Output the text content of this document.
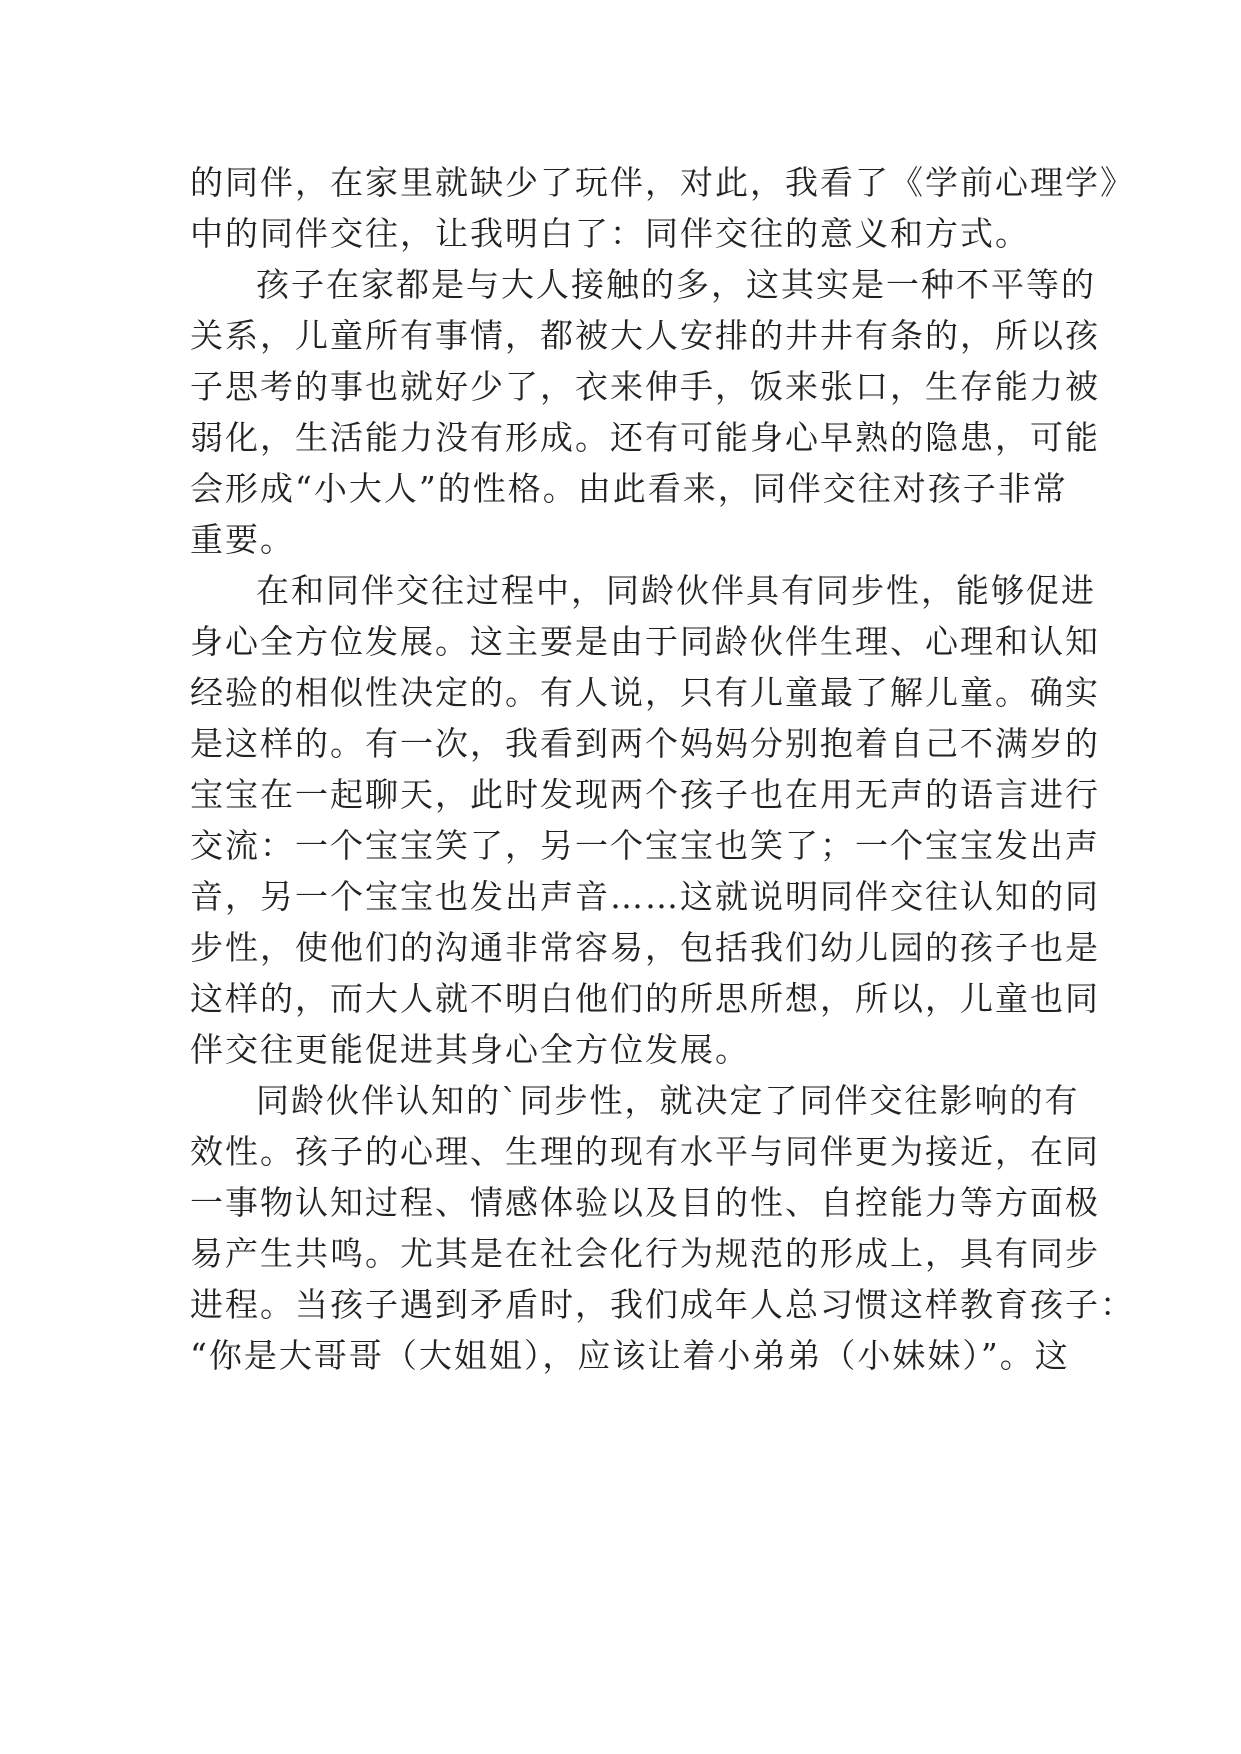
的同伴，在家里就缺少了玩伴，对此，我看了《学前心理学》
中的同伴交往，让我明白了：同伴交往的意义和方式。
孩子在家都是与大人接触的多，这其实是一种不平等的
关系，儿童所有事情，都被大人安排的井井有条的，所以孩
子思考的事也就好少了，衣来伸手，饭来张口，生存能力被
弱化，生活能力没有形成。还有可能身心早熟的隐患，可能
会形成“小大人”的性格。由此看来，同伴交往对孩子非常
重要。
在和同伴交往过程中，同龄伙伴具有同步性，能够促进
身心全方位发展。这主要是由于同龄伙伴生理、心理和认知
经验的相似性决定的。有人说，只有儿童最了解儿童。确实
是这样的。有一次，我看到两个妈妈分别抱着自己不满岁的
宝宝在一起聊天，此时发现两个孩子也在用无声的语言进行
交流：一个宝宝笑了，另一个宝宝也笑了；一个宝宝发出声
音，另一个宝宝也发出声音……这就说明同伴交往认知的同
步性，使他们的沟通非常容易，包括我们幼儿园的孩子也是
这样的，而大人就不明白他们的所思所想，所以，儿童也同
伴交往更能促进其身心全方位发展。
同龄伙伴认知的`同步性，就决定了同伴交往影响的有
效性。孩子的心理、生理的现有水平与同伴更为接近，在同
一事物认知过程、情感体验以及目的性、自控能力等方面极
易产生共鸣。尤其是在社会化行为规范的形成上，具有同步
进程。当孩子遇到矛盾时，我们成年人总习惯这样教育孩子：
“你是大哥哥（大姐姐），应该让着小弟弟（小妹妹）”。这
